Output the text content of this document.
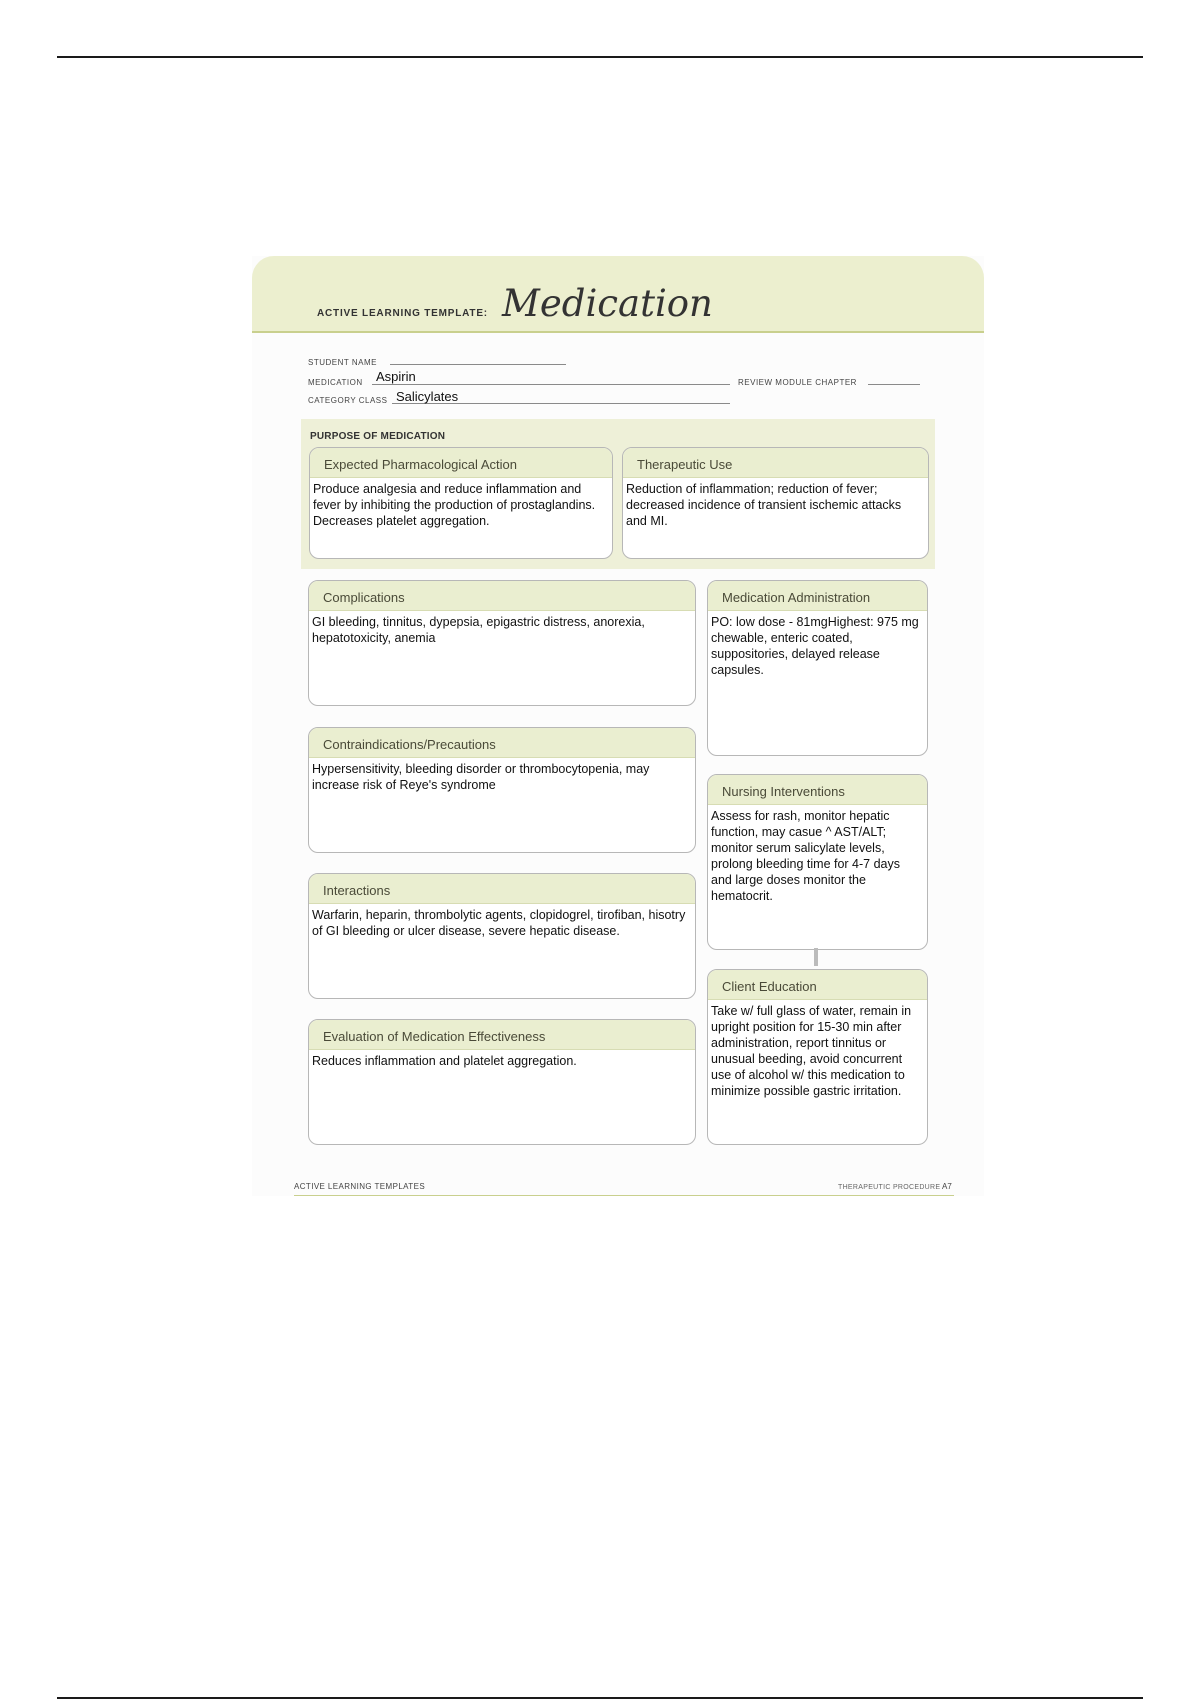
ACTIVE LEARNING TEMPLATE: Medication
STUDENT NAME
MEDICATION Aspirin	REVIEW MODULE CHAPTER
CATEGORY CLASS Salicylates
PURPOSE OF MEDICATION
Expected Pharmacological Action
Produce analgesia and reduce inflammation and fever by inhibiting the production of prostaglandins. Decreases platelet aggregation.
Therapeutic Use
Reduction of inflammation; reduction of fever; decreased incidence of transient ischemic attacks and MI.
Complications
GI bleeding, tinnitus, dypepsia, epigastric distress, anorexia, hepatotoxicity, anemia
Contraindications/Precautions
Hypersensitivity, bleeding disorder or thrombocytopenia, may increase risk of Reye's syndrome
Interactions
Warfarin, heparin, thrombolytic agents, clopidogrel, tirofiban, hisotry of GI bleeding or ulcer disease, severe hepatic disease.
Evaluation of Medication Effectiveness
Reduces inflammation and platelet aggregation.
Medication Administration
PO: low dose - 81mgHighest: 975 mg chewable, enteric coated, suppositories, delayed release capsules.
Nursing Interventions
Assess for rash, monitor hepatic function, may casue ^ AST/ALT; monitor serum salicylate levels, prolong bleeding time for 4-7 days and large doses monitor the hematocrit.
Client Education
Take w/ full glass of water, remain in upright position for 15-30 min after administration, report tinnitus or unusual beeding, avoid concurrent use of alcohol w/ this medication to minimize possible gastric irritation.
ACTIVE LEARNING TEMPLATES	THERAPEUTIC PROCEDURE A7
